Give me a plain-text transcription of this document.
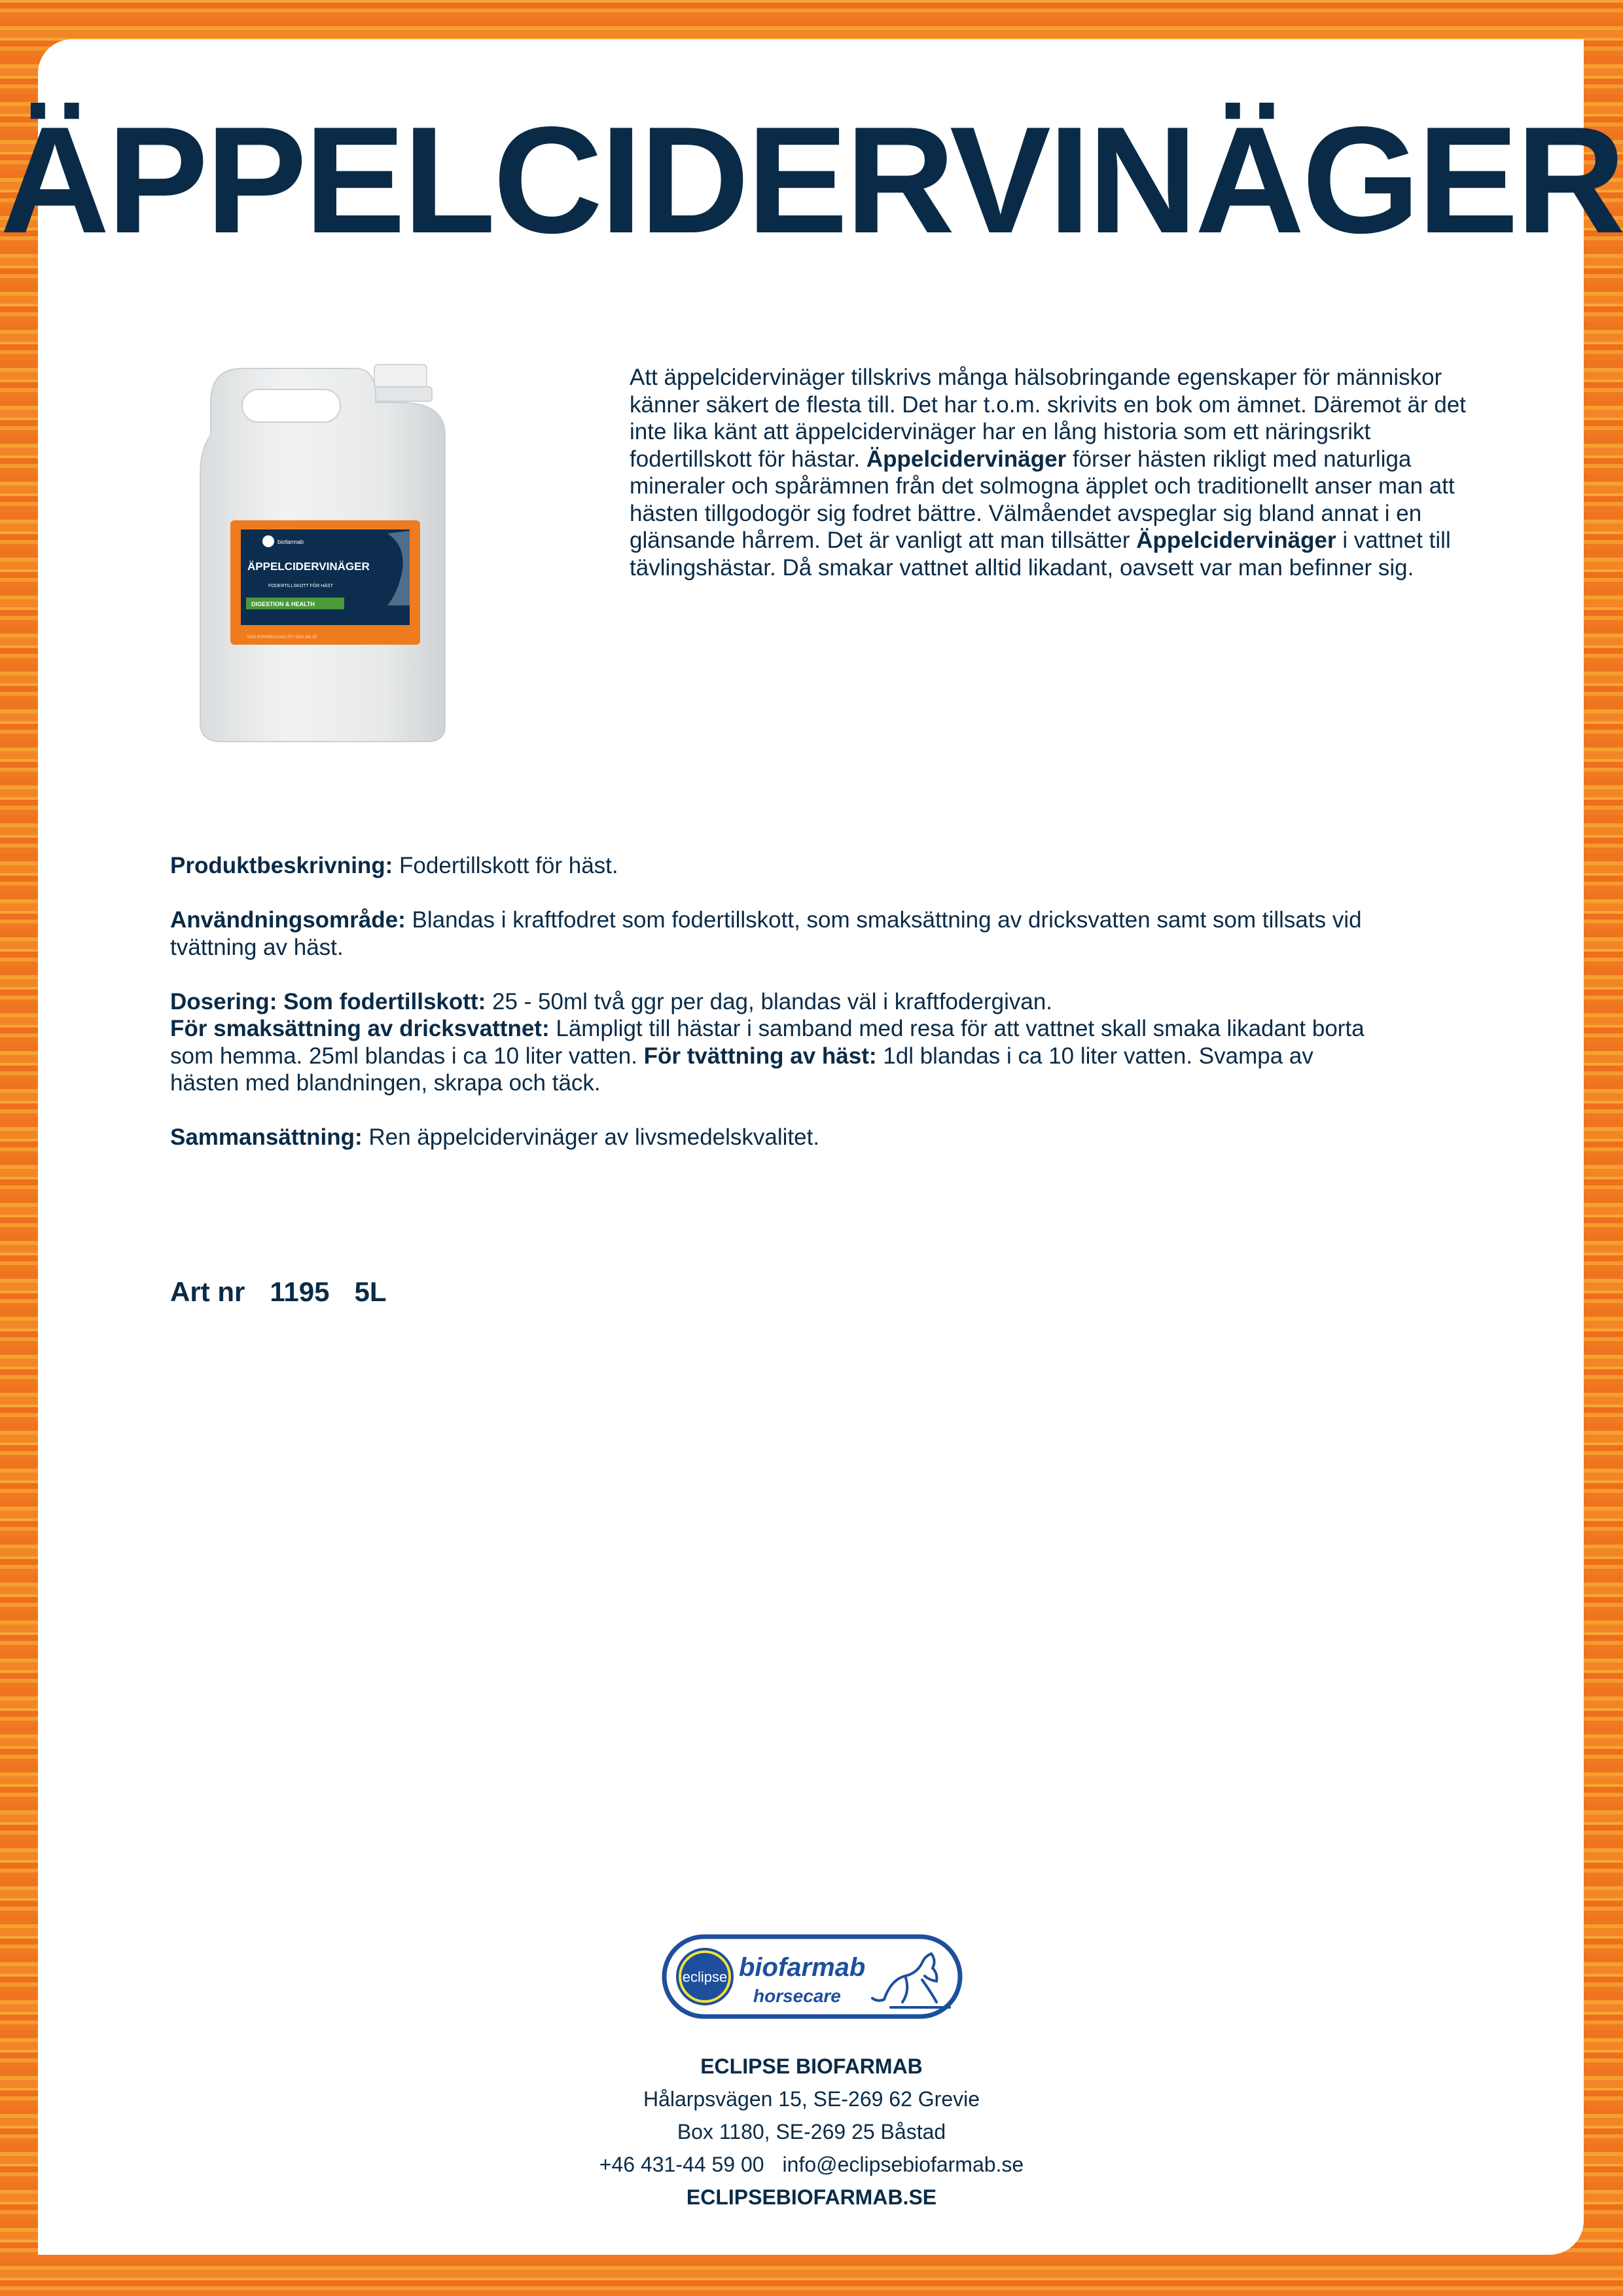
ÄPPELCIDERVINÄGER
biofarmab
ÄPPELCIDERVINÄGER
FODERTILLSKOTT FÖR HÄST
DIGESTION & HEALTH
DEN SVENSKA KVALITET OCH MILJÖ

Att äppelcidervinäger tillskrivs många hälsobringande egenskaper för människor känner säkert de flesta till. Det har t.o.m. skrivits en bok om ämnet. Däremot är det inte lika känt att äppelcidervinäger har en lång historia som ett näringsrikt fodertillskott för hästar. Äppelcidervinäger förser hästen rikligt med naturliga mineraler och spårämnen från det solmogna äpplet och traditionellt anser man att hästen tillgodogör sig fodret bättre. Välmåendet avspeglar sig bland annat i en glänsande hårrem. Det är vanligt att man tillsätter Äppelcidervinäger i vattnet till tävlingshästar. Då smakar vattnet alltid likadant, oavsett var man befinner sig.

Produktbeskrivning: Fodertillskott för häst.

Användningsområde: Blandas i kraftfodret som fodertillskott, som smaksättning av dricksvatten samt som tillsats vid tvättning av häst.

Dosering: Som fodertillskott: 25 - 50ml två ggr per dag, blandas väl i kraftfodergivan.
För smaksättning av dricksvattnet: Lämpligt till hästar i samband med resa för att vattnet skall smaka likadant borta som hemma. 25ml blandas i ca 10 liter vatten. För tvättning av häst: 1dl blandas i ca 10 liter vatten. Svampa av hästen med blandningen, skrapa och täck.

Sammansättning: Ren äppelcidervinäger av livsmedelskvalitet.

Art nr 1195 5L
eclipse biofarmab
horsecare
ECLIPSE BIOFARMAB
Hålarpsvägen 15, SE-269 62 Grevie
Box 1180, SE-269 25 Båstad
+46 431-44 59 00 info@eclipsebiofarmab.se
ECLIPSEBIOFARMAB.SE
